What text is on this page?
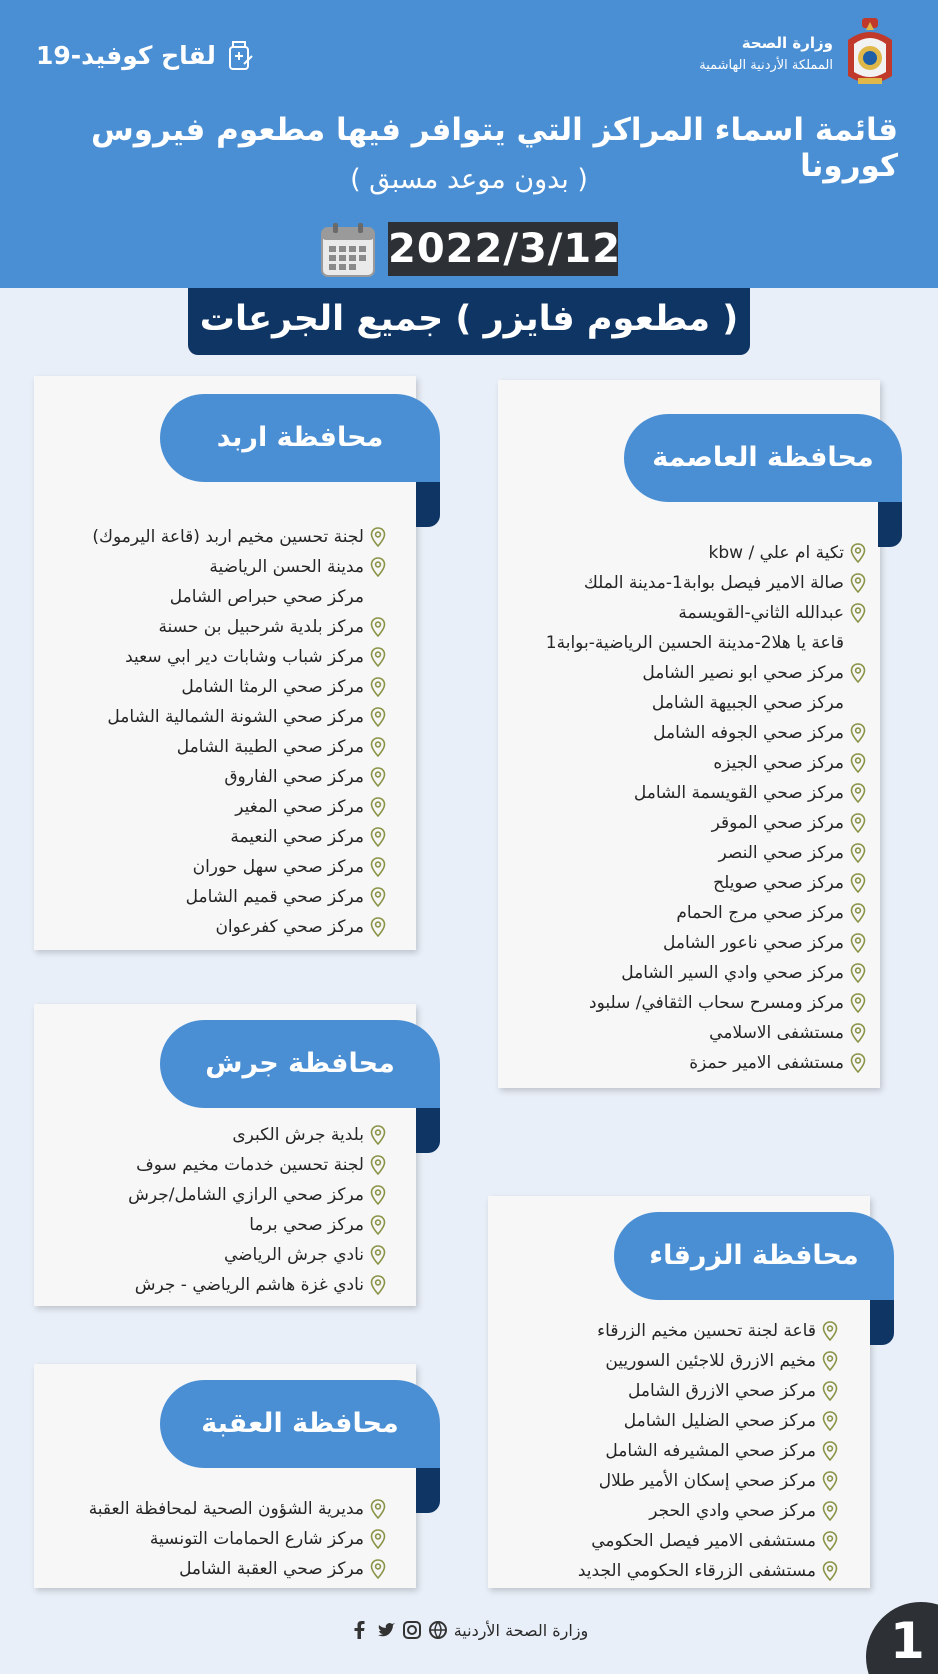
وزارة الصحة
المملكة الأردنية الهاشمية
لقاح كوفيد-19
قائمة اسماء المراكز التي يتوافر فيها مطعوم فيروس كورونا
( بدون موعد مسبق )
2022/3/12
( مطعوم فايزر ) جميع الجرعات
محافظة العاصمة
تكية ام علي / kbw
صالة الامير فيصل بوابة1-مدينة الملك
عبدالله الثاني-القويسمة
قاعة يا هلا2-مدينة الحسين الرياضية-بوابة1
مركز صحي ابو نصير الشامل
مركز صحي الجبيهة الشامل
مركز صحي الجوفه الشامل
مركز صحي الجيزه
مركز صحي القويسمة الشامل
مركز صحي الموقر
مركز صحي النصر
مركز صحي صويلح
مركز صحي مرج الحمام
مركز صحي ناعور الشامل
مركز صحي وادي السير الشامل
مركز ومسرح سحاب الثقافي/ سلبود
مستشفى الاسلامي
مستشفى الامير حمزة
محافظة اربد
لجنة تحسين مخيم اربد (قاعة اليرموك)
مدينة الحسن الرياضية
مركز صحي حبراص الشامل
مركز بلدية شرحبيل بن حسنة
مركز شباب وشابات دير ابي سعيد
مركز صحي الرمثا الشامل
مركز صحي الشونة الشمالية الشامل
مركز صحي الطيبة الشامل
مركز صحي الفاروق
مركز صحي المغير
مركز صحي النعيمة
مركز صحي سهل حوران
مركز صحي قميم الشامل
مركز صحي كفرعوان
محافظة جرش
بلدية جرش الكبرى
لجنة تحسين خدمات مخيم سوف
مركز صحي الرازي الشامل/جرش
مركز صحي برما
نادي جرش الرياضي
نادي غزة هاشم الرياضي - جرش
محافظة الزرقاء
قاعة لجنة تحسين مخيم الزرقاء
مخيم الازرق للاجئين السوريين
مركز صحي الازرق الشامل
مركز صحي الضليل الشامل
مركز صحي المشيرفه الشامل
مركز صحي إسكان الأمير طلال
مركز صحي وادي الحجر
مستشفى الامير فيصل الحكومي
مستشفى الزرقاء الحكومي الجديد
محافظة العقبة
مديرية الشؤون الصحية لمحافظة العقبة
مركز شارع الحمامات التونسية
مركز صحي العقبة الشامل
وزارة الصحة الأردنية	1
